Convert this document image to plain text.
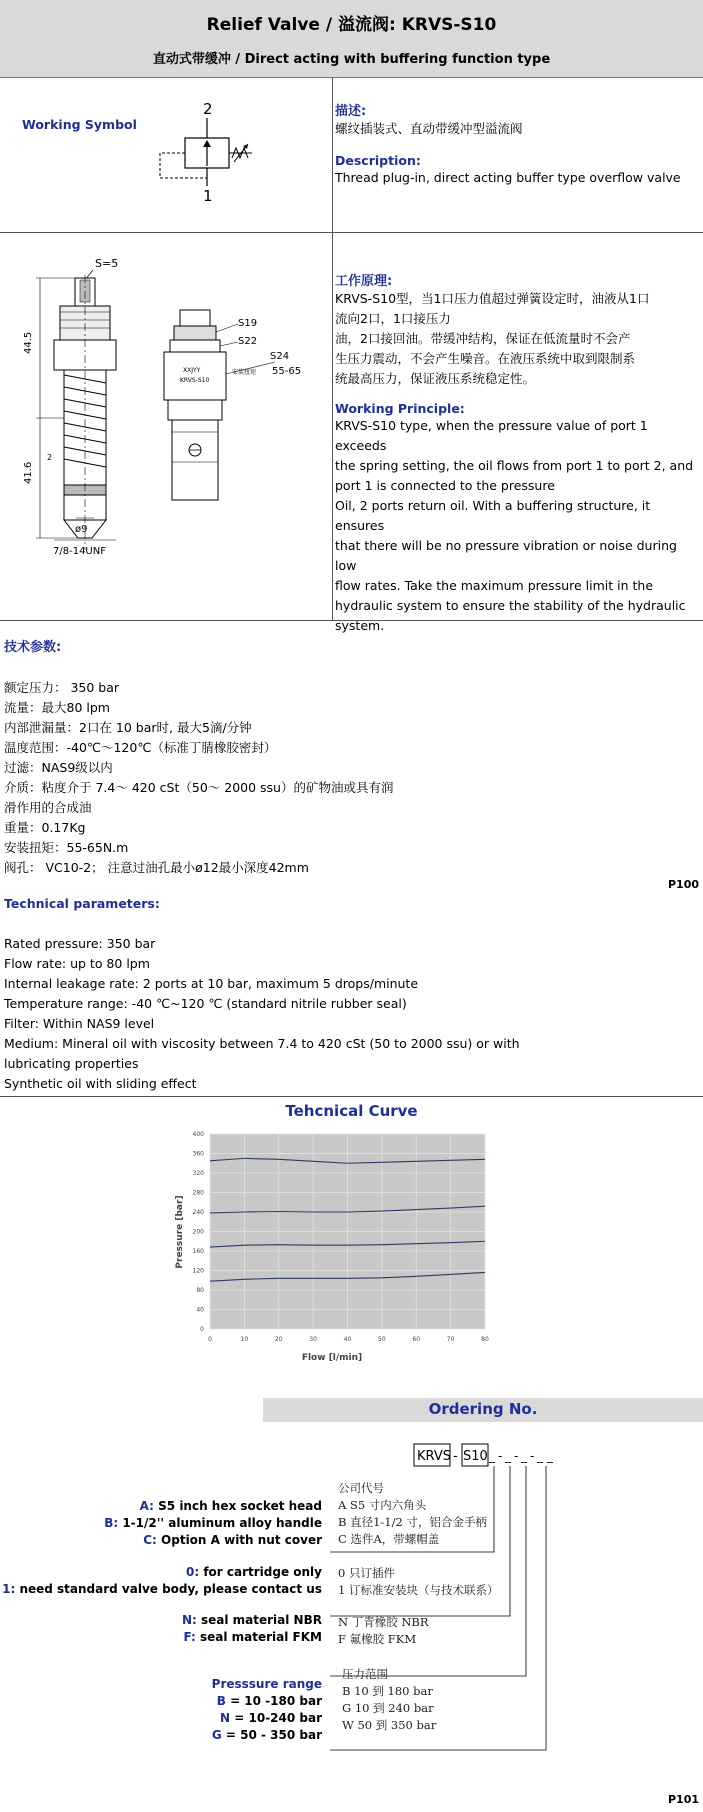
Relief Valve / 溢流阀: KRVS-S10
直动式带缓冲 / Direct acting with buffering function type
Working Symbol
2
1
描述:
螺纹插装式、直动带缓冲型溢流阀
Description:
Thread plug-in, direct acting buffer type overflow valve
S=5
44.5
41.6
2
ø9
7/8-14UNF
XXJYY
KRVS-S10
S19
S22
S24
安装扭矩 55-65
工作原理:
KRVS-S10型，当1口压力值超过弹簧设定时，油液从1口
流向2口，1口接压力
油，2口接回油。带缓冲结构，保证在低流量时不会产
生压力震动，不会产生噪音。在液压系统中取到限制系
统最高压力，保证液压系统稳定性。
Working Principle:
KRVS-S10 type, when the pressure value of port 1 exceeds
the spring setting, the oil flows from port 1 to port 2, and
port 1 is connected to the pressure
Oil, 2 ports return oil. With a buffering structure, it ensures
that there will be no pressure vibration or noise during low
flow rates. Take the maximum pressure limit in the
hydraulic system to ensure the stability of the hydraulic
system.
技术参数:
额定压力： 350 bar
流量：最大80 lpm
内部泄漏量：2口在 10 bar时, 最大5滴/分钟
温度范围：-40℃～120℃（标准丁腈橡胶密封）
过滤：NAS9级以内
介质：粘度介于 7.4～ 420 cSt（50～ 2000 ssu）的矿物油或具有润
滑作用的合成油
重量：0.17Kg
安装扭矩：55-65N.m
阀孔： VC10-2； 注意过油孔最小ø12最小深度42mm
P100
Technical parameters:
Rated pressure: 350 bar
Flow rate: up to 80 lpm
Internal leakage rate: 2 ports at 10 bar, maximum 5 drops/minute
Temperature range: -40 ℃~120 ℃ (standard nitrile rubber seal)
Filter: Within NAS9 level
Medium: Mineral oil with viscosity between 7.4 to 420 cSt (50 to 2000 ssu) or with
lubricating properties
Synthetic oil with sliding effect
Tehcnical Curve
0	10	20	30	40	50	60	70	80
0
40
80
120
160
200
240
280
320
360
400
Flow [l/min]
Pressure [bar]
Ordering No.
KRVS - S10 _ - _ - _ - _ _
A: S5 inch hex socket head
B: 1-1/2'' aluminum alloy handle
C: Option A with nut cover
公司代号
A S5 寸内六角头
B 直径1-1/2 寸，铝合金手柄
C 选件A，带螺帽盖
0: for cartridge only
1: need standard valve body, please contact us
0 只订插件
1 订标准安装块（与技术联系）
N: seal material NBR
F: seal material FKM
N 丁青橡胶 NBR
F 氟橡胶 FKM
Presssure range
B = 10 -180 bar
N = 10-240 bar
G = 50 - 350 bar
压力范围
B 10 到 180 bar
G 10 到 240 bar
W 50 到 350 bar
P101
